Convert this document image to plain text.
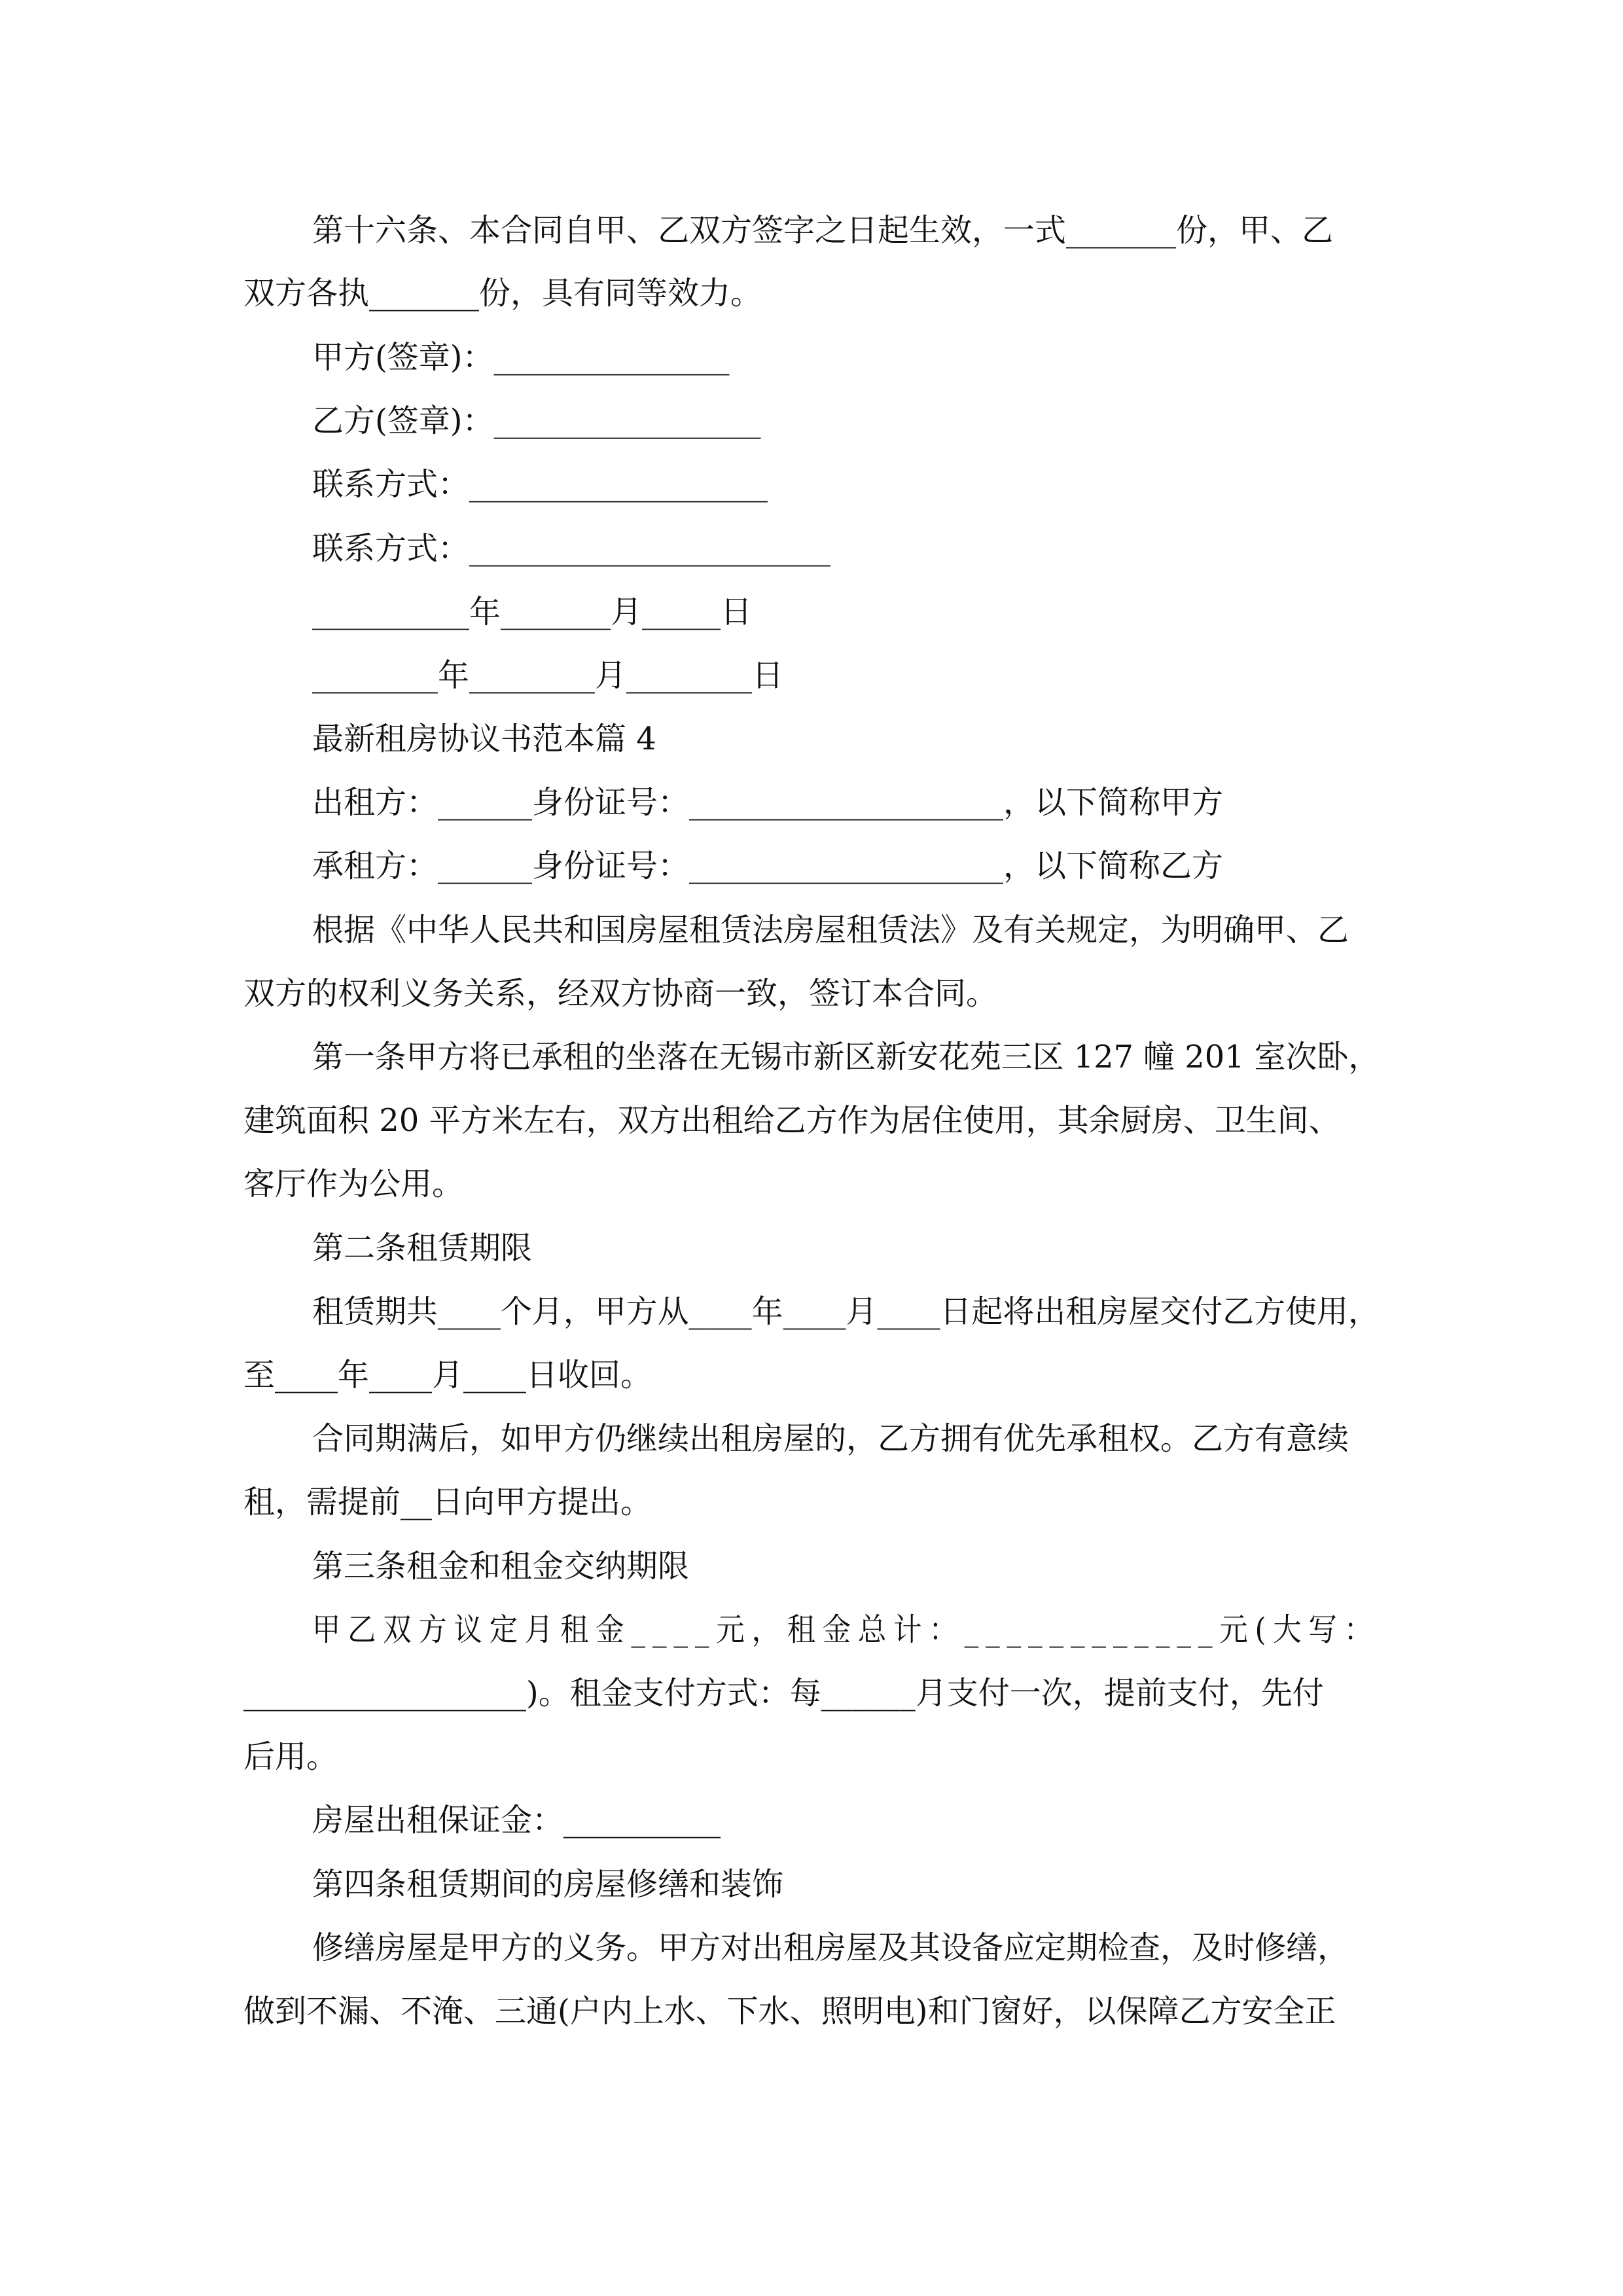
第十六条、本合同自甲、乙双方签字之日起生效，一式_______份，甲、乙

双方各执_______份，具有同等效力。

甲方(签章)：_______________

乙方(签章)：_________________

联系方式：___________________

联系方式：_______________________

__________年_______月_____日

________年________月________日

最新租房协议书范本篇 4

出租方：______身份证号：____________________，以下简称甲方

承租方：______身份证号：____________________，以下简称乙方

根据《中华人民共和国房屋租赁法房屋租赁法》及有关规定，为明确甲、乙

双方的权利义务关系，经双方协商一致，签订本合同。

第一条甲方将已承租的坐落在无锡市新区新安花苑三区 127 幢 201 室次卧，

建筑面积 20 平方米左右，双方出租给乙方作为居住使用，其余厨房、卫生间、

客厅作为公用。

第二条租赁期限

租赁期共____个月，甲方从____年____月____日起将出租房屋交付乙方使用，

至____年____月____日收回。

合同期满后，如甲方仍继续出租房屋的，乙方拥有优先承租权。乙方有意续

租，需提前__日向甲方提出。

第三条租金和租金交纳期限

甲乙双方议定月租金____元，租金总计：____________元(大写：

__________________)。租金支付方式：每______月支付一次，提前支付，先付

后用。

房屋出租保证金：__________

第四条租赁期间的房屋修缮和装饰

修缮房屋是甲方的义务。甲方对出租房屋及其设备应定期检查，及时修缮，

做到不漏、不淹、三通(户内上水、下水、照明电)和门窗好，以保障乙方安全正
